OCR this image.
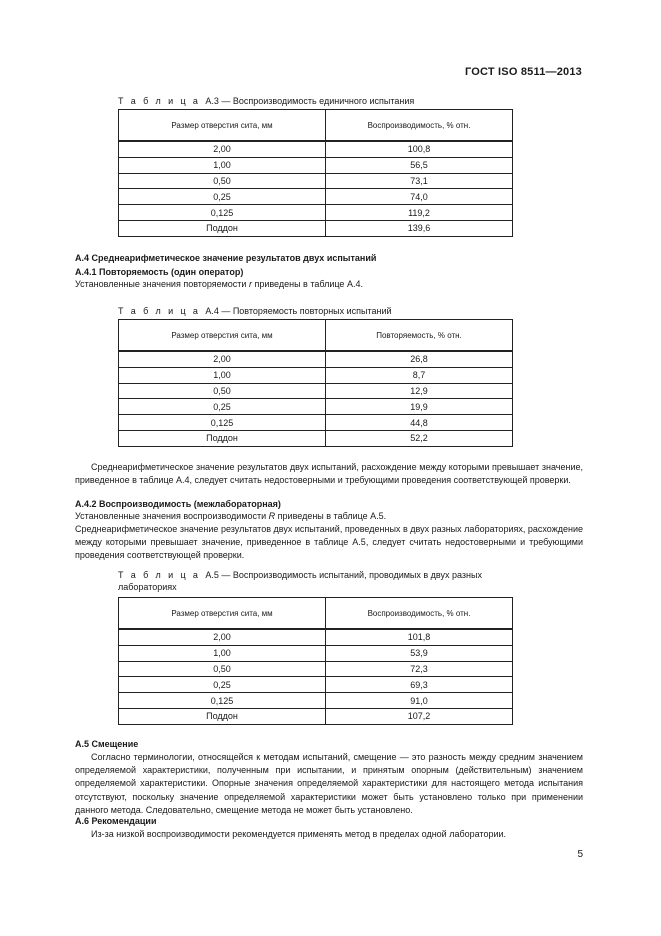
ГОСТ ISO 8511—2013
Т а б л и ц а А.3 — Воспроизводимость единичного испытания
Размер отверстия сита, мм	Воспроизводимость, % отн.
2,00	100,8
1,00	56,5
0,50	73,1
0,25	74,0
0,125	119,2
Поддон	139,6
А.4 Среднеарифметическое значение результатов двух испытаний
А.4.1 Повторяемость (один оператор)
Установленные значения повторяемости r приведены в таблице А.4.
Т а б л и ц а А.4 — Повторяемость повторных испытаний
Размер отверстия сита, мм	Повторяемость, % отн.
2,00	26,8
1,00	8,7
0,50	12,9
0,25	19,9
0,125	44,8
Поддон	52,2
Среднеарифметическое значение результатов двух испытаний, расхождение между которыми превышает значение, приведенное в таблице А.4, следует считать недостоверными и требующими проведения соответствующей проверки.
А.4.2 Воспроизводимость (межлабораторная)
Установленные значения воспроизводимости R приведены в таблице А.5.
Среднеарифметическое значение результатов двух испытаний, проведенных в двух разных лабораториях, расхождение между которыми превышает значение, приведенное в таблице А.5, следует считать недостоверными и требующими проведения соответствующей проверки.
Т а б л и ц а А.5 — Воспроизводимость испытаний, проводимых в двух разных
лабораториях
Размер отверстия сита, мм	Воспроизводимость, % отн.
2,00	101,8
1,00	53,9
0,50	72,3
0,25	69,3
0,125	91,0
Поддон	107,2
А.5 Смещение
Согласно терминологии, относящейся к методам испытаний, смещение — это разность между средним значением определяемой характеристики, полученным при испытании, и принятым опорным (действительным) значением определяемой характеристики. Опорные значения определяемой характеристики для настоящего метода испытания отсутствуют, поскольку значение определяемой характеристики может быть установлено только при применении данного метода. Следовательно, смещение метода не может быть установлено.
А.6 Рекомендации
Из-за низкой воспроизводимости рекомендуется применять метод в пределах одной лаборатории.
5
